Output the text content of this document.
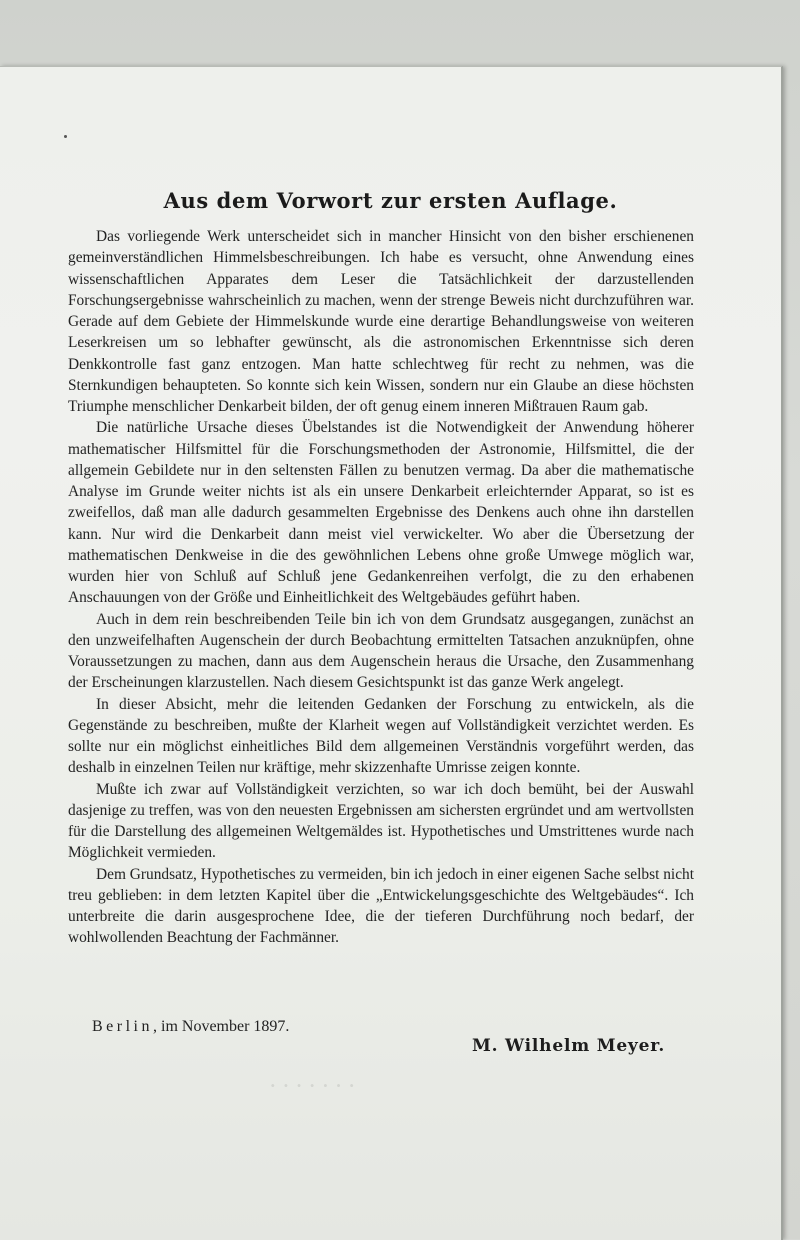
Aus dem Vorwort zur ersten Auflage.

Das vorliegende Werk unterscheidet sich in mancher Hinsicht von den bisher erschienenen gemeinverständlichen Himmelsbeschreibungen. Ich habe es versucht, ohne Anwendung eines wissenschaftlichen Apparates dem Leser die Tatsächlichkeit der darzustellenden Forschungsergebnisse wahrscheinlich zu machen, wenn der strenge Beweis nicht durchzuführen war. Gerade auf dem Gebiete der Himmelskunde wurde eine derartige Behandlungsweise von weiteren Leserkreisen um so lebhafter gewünscht, als die astronomischen Erkenntnisse sich deren Denkkontrolle fast ganz entzogen. Man hatte schlechtweg für recht zu nehmen, was die Sternkundigen behaupteten. So konnte sich kein Wissen, sondern nur ein Glaube an diese höchsten Triumphe menschlicher Denkarbeit bilden, der oft genug einem inneren Mißtrauen Raum gab.

Die natürliche Ursache dieses Übelstandes ist die Notwendigkeit der Anwendung höherer mathematischer Hilfsmittel für die Forschungsmethoden der Astronomie, Hilfsmittel, die der allgemein Gebildete nur in den seltensten Fällen zu benutzen vermag. Da aber die mathematische Analyse im Grunde weiter nichts ist als ein unsere Denkarbeit erleichternder Apparat, so ist es zweifellos, daß man alle dadurch gesammelten Ergebnisse des Denkens auch ohne ihn darstellen kann. Nur wird die Denkarbeit dann meist viel verwickelter. Wo aber die Übersetzung der mathematischen Denkweise in die des gewöhnlichen Lebens ohne große Umwege möglich war, wurden hier von Schluß auf Schluß jene Gedankenreihen verfolgt, die zu den erhabenen Anschauungen von der Größe und Einheitlichkeit des Weltgebäudes geführt haben.

Auch in dem rein beschreibenden Teile bin ich von dem Grundsatz ausgegangen, zunächst an den unzweifelhaften Augenschein der durch Beobachtung ermittelten Tatsachen anzuknüpfen, ohne Voraussetzungen zu machen, dann aus dem Augenschein heraus die Ursache, den Zusammenhang der Erscheinungen klarzustellen. Nach diesem Gesichtspunkt ist das ganze Werk angelegt.

In dieser Absicht, mehr die leitenden Gedanken der Forschung zu entwickeln, als die Gegenstände zu beschreiben, mußte der Klarheit wegen auf Vollständigkeit verzichtet werden. Es sollte nur ein möglichst einheitliches Bild dem allgemeinen Verständnis vorgeführt werden, das deshalb in einzelnen Teilen nur kräftige, mehr skizzenhafte Umrisse zeigen konnte.

Mußte ich zwar auf Vollständigkeit verzichten, so war ich doch bemüht, bei der Auswahl dasjenige zu treffen, was von den neuesten Ergebnissen am sichersten ergründet und am wertvollsten für die Darstellung des allgemeinen Weltgemäldes ist. Hypothetisches und Umstrittenes wurde nach Möglichkeit vermieden.

Dem Grundsatz, Hypothetisches zu vermeiden, bin ich jedoch in einer eigenen Sache selbst nicht treu geblieben: in dem letzten Kapitel über die „Entwickelungsgeschichte des Weltgebäudes“. Ich unterbreite die darin ausgesprochene Idee, die der tieferen Durchführung noch bedarf, der wohlwollenden Beachtung der Fachmänner.

Berlin, im November 1897.
M. Wilhelm Meyer.
· · · · · · ·
